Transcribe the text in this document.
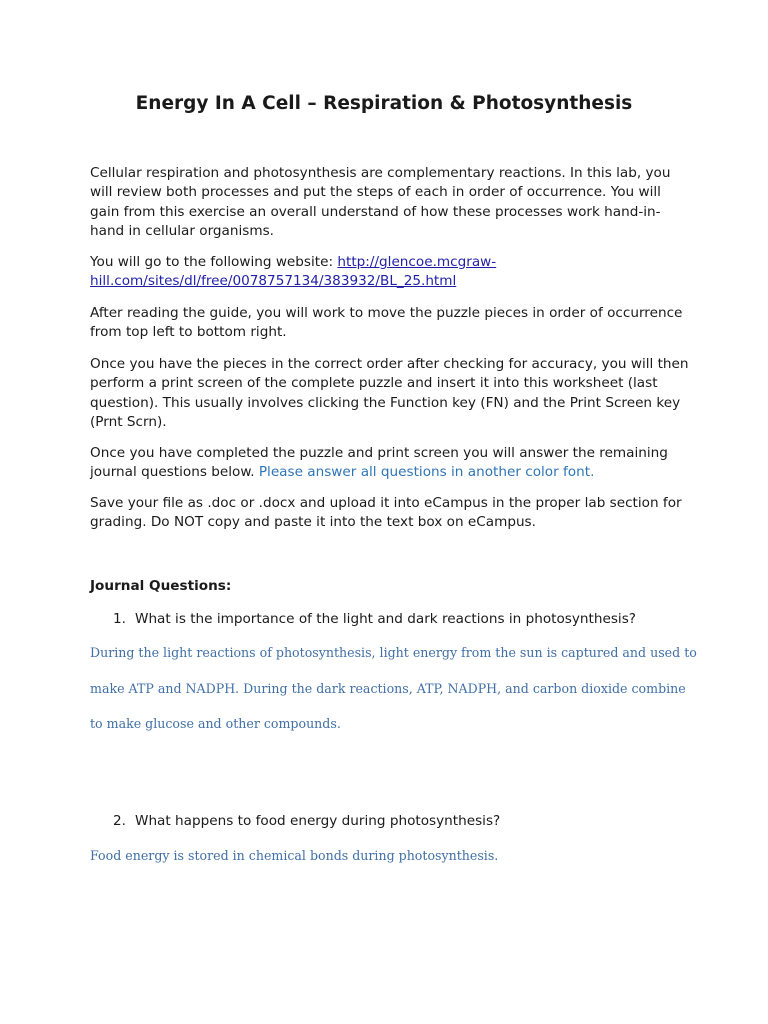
Energy In A Cell – Respiration & Photosynthesis

Cellular respiration and photosynthesis are complementary reactions. In this lab, you will review both processes and put the steps of each in order of occurrence. You will gain from this exercise an overall understand of how these processes work hand-in-hand in cellular organisms.

You will go to the following website: http://glencoe.mcgraw-hill.com/sites/dl/free/0078757134/383932/BL_25.html

After reading the guide, you will work to move the puzzle pieces in order of occurrence from top left to bottom right.

Once you have the pieces in the correct order after checking for accuracy, you will then perform a print screen of the complete puzzle and insert it into this worksheet (last question). This usually involves clicking the Function key (FN) and the Print Screen key (Prnt Scrn).

Once you have completed the puzzle and print screen you will answer the remaining journal questions below. Please answer all questions in another color font.

Save your file as .doc or .docx and upload it into eCampus in the proper lab section for grading. Do NOT copy and paste it into the text box on eCampus.

Journal Questions:

1. What is the importance of the light and dark reactions in photosynthesis?

During the light reactions of photosynthesis, light energy from the sun is captured and used to
make ATP and NADPH. During the dark reactions, ATP, NADPH, and carbon dioxide combine
to make glucose and other compounds.

2. What happens to food energy during photosynthesis?

Food energy is stored in chemical bonds during photosynthesis.
